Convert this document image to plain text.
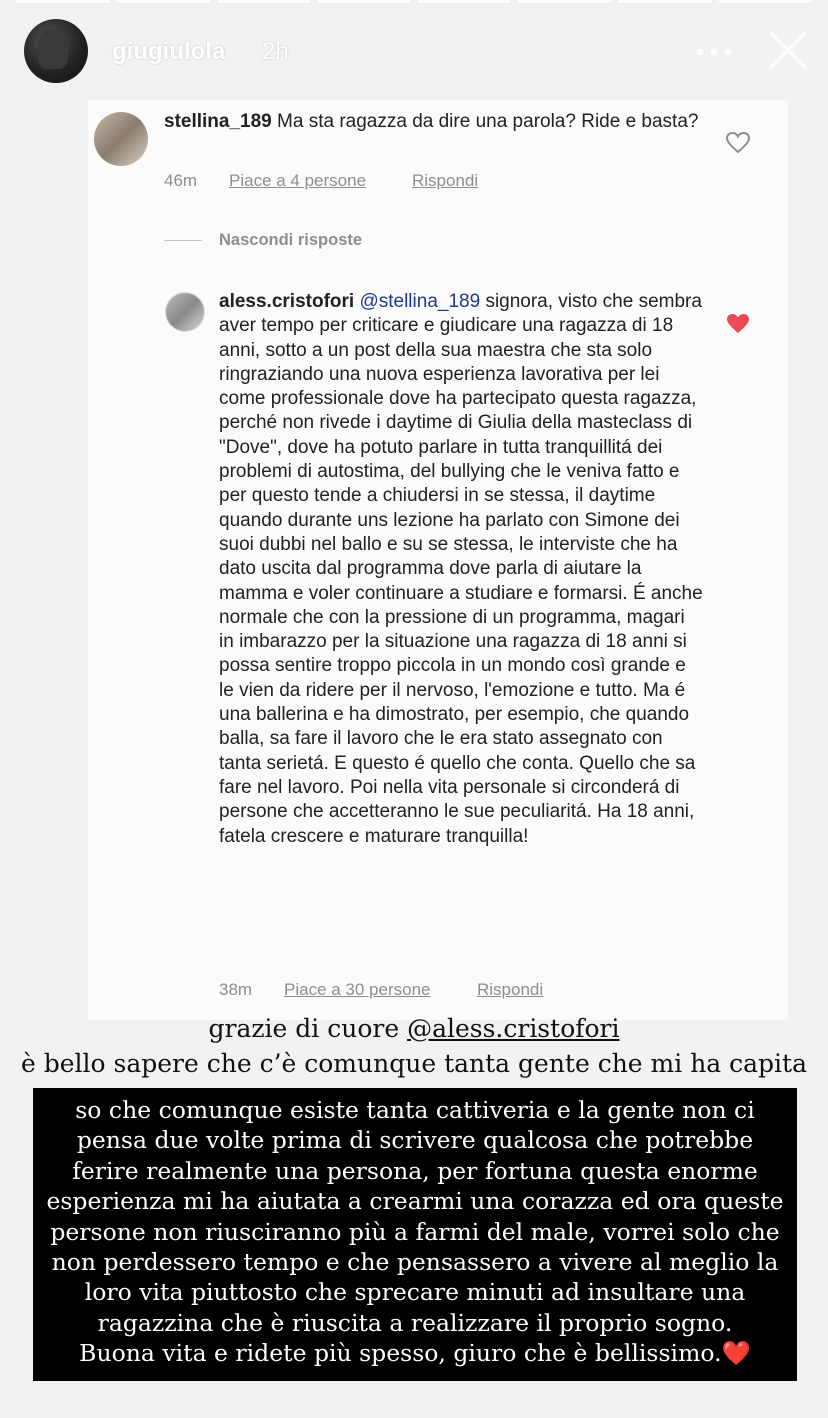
giugiulola 2h
stellina_189 Ma sta ragazza da dire una parola? Ride e basta?
46m Piace a 4 persone	Rispondi
Nascondi risposte
aless.cristofori @stellina_189 signora, visto che sembra aver tempo per criticare e giudicare una ragazza di 18 anni, sotto a un post della sua maestra che sta solo ringraziando una nuova esperienza lavorativa per lei come professionale dove ha partecipato questa ragazza, perché non rivede i daytime di Giulia della masteclass di "Dove", dove ha potuto parlare in tutta tranquillitá dei problemi di autostima, del bullying che le veniva fatto e per questo tende a chiudersi in se stessa, il daytime quando durante uns lezione ha parlato con Simone dei suoi dubbi nel ballo e su se stessa, le interviste che ha dato uscita dal programma dove parla di aiutare la mamma e voler continuare a studiare e formarsi. É anche normale che con la pressione di un programma, magari in imbarazzo per la situazione una ragazza di 18 anni si possa sentire troppo piccola in un mondo così grande e le vien da ridere per il nervoso, l'emozione e tutto. Ma é una ballerina e ha dimostrato, per esempio, che quando balla, sa fare il lavoro che le era stato assegnato con tanta serietá. E questo é quello che conta. Quello che sa fare nel lavoro. Poi nella vita personale si circonderá di persone che accetteranno le sue peculiaritá. Ha 18 anni, fatela crescere e maturare tranquilla!
38m Piace a 30 persone	Rispondi
grazie di cuore @aless.cristofori
è bello sapere che c’è comunque tanta gente che mi ha capita
so che comunque esiste tanta cattiveria e la gente non ci pensa due volte prima di scrivere qualcosa che potrebbe ferire realmente una persona, per fortuna questa enorme esperienza mi ha aiutata a crearmi una corazza ed ora queste persone non riusciranno più a farmi del male, vorrei solo che non perdessero tempo e che pensassero a vivere al meglio la loro vita piuttosto che sprecare minuti ad insultare una ragazzina che è riuscita a realizzare il proprio sogno.
Buona vita e ridete più spesso, giuro che è bellissimo.❤️
